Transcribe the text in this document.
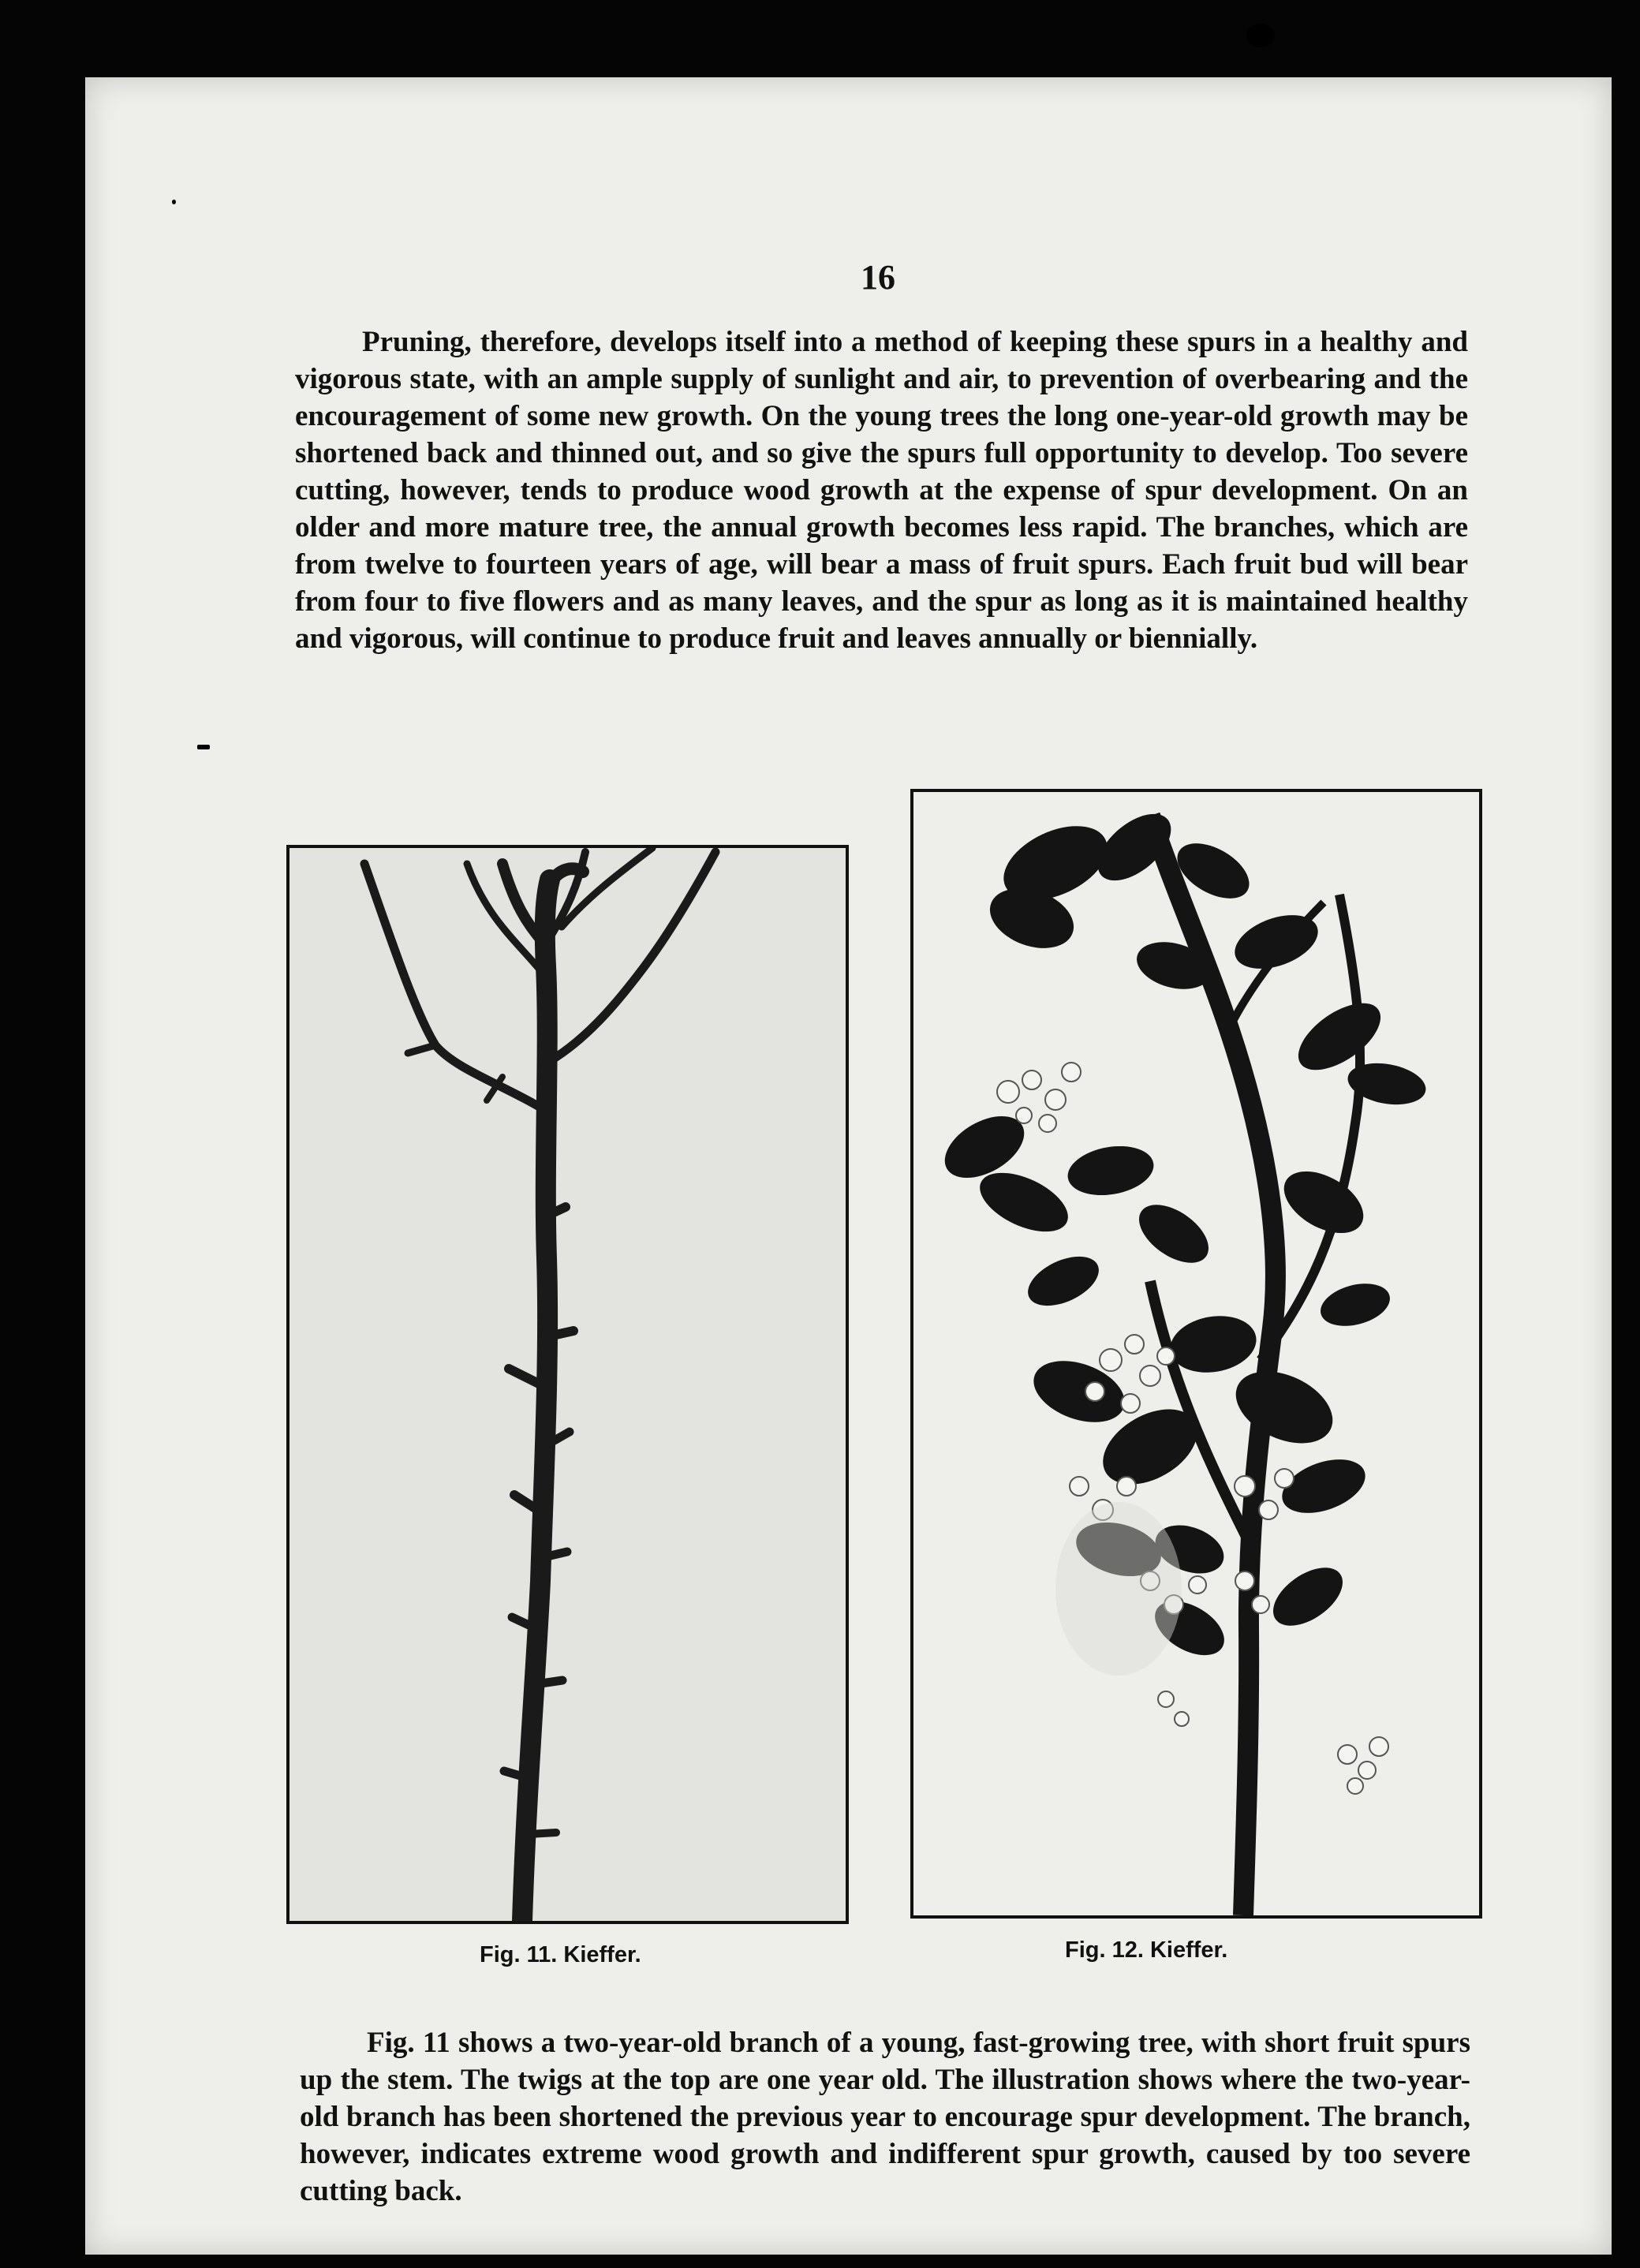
16

Pruning, therefore, develops itself into a method of keeping these spurs in a healthy and vigorous state, with an ample supply of sunlight and air, to prevention of overbearing and the encouragement of some new growth. On the young trees the long one-year-old growth may be shortened back and thinned out, and so give the spurs full opportunity to develop. Too severe cutting, however, tends to produce wood growth at the expense of spur development. On an older and more mature tree, the annual growth becomes less rapid. The branches, which are from twelve to fourteen years of age, will bear a mass of fruit spurs. Each fruit bud will bear from four to five flowers and as many leaves, and the spur as long as it is maintained healthy and vigorous, will continue to produce fruit and leaves annually or biennially.

Fig. 11. Kieffer.	Fig. 12. Kieffer.

Fig. 11 shows a two-year-old branch of a young, fast-growing tree, with short fruit spurs up the stem. The twigs at the top are one year old. The illustration shows where the two-year-old branch has been shortened the previous year to encourage spur development. The branch, however, indicates extreme wood growth and indifferent spur growth, caused by too severe cutting back.
